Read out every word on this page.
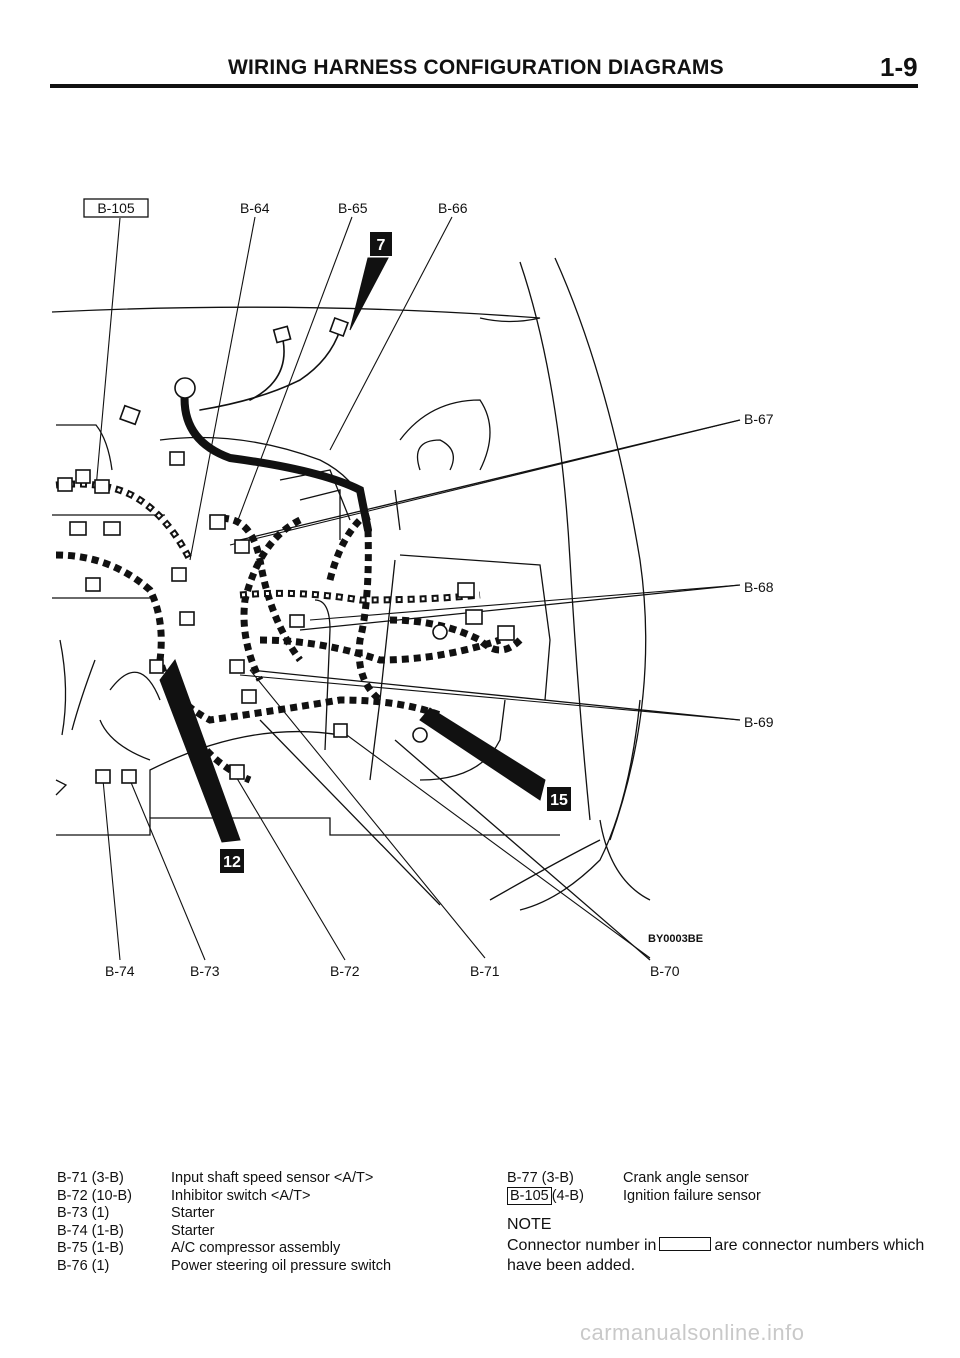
WIRING HARNESS CONFIGURATION DIAGRAMS	1-9
7
12
15
B-105	B-64	B-65	B-66
B-67
B-68
B-69
B-74	B-73	B-72	B-71	B-70
BY0003BE
B-71 (3-B)	Input shaft speed sensor <A/T>
B-72 (10-B)	Inhibitor switch <A/T>
B-73 (1)	Starter
B-74 (1-B)	Starter
B-75 (1-B)	A/C compressor assembly
B-76 (1)	Power steering oil pressure switch
B-77 (3-B)	Crank angle sensor
B-105 (4-B)	Ignition failure sensor
NOTE
Connector number in	are connector numbers which have been added.
carmanualsonline.info
